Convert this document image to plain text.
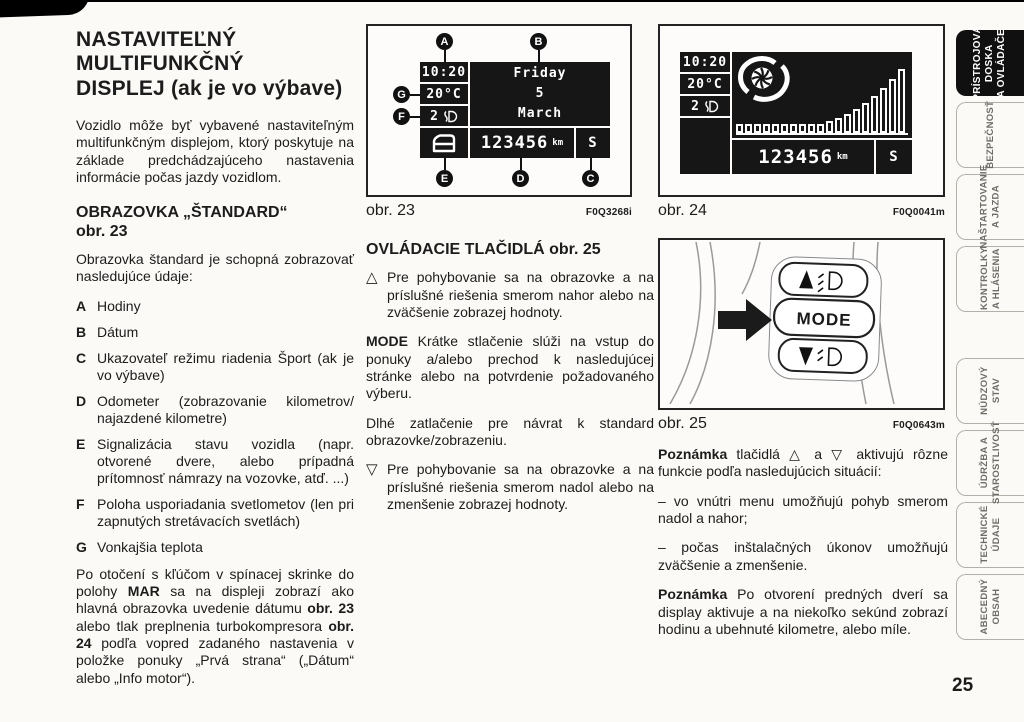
NASTAVITEĽNÝ
MULTIFUNKČNÝ
DISPLEJ (ak je vo výbave)

Vozidlo môže byť vybavené nastaviteľným multifunkčným displejom, ktorý poskytuje na základe predchádzajúceho nastavenia informácie počas jazdy vozidlom.

OBRAZOVKA „ŠTANDARD“
obr. 23

Obrazovka štandard je schopná zobrazovať nasledujúce údaje:

A Hodiny
B Dátum
C Ukazovateľ režimu riadenia Šport (ak je vo výbave)
D Odometer (zobrazovanie kilometrov/ najazdené kilometre)
E Signalizácia stavu vozidla (napr. otvorené dvere, alebo prípadná prítomnosť námrazy na vozovke, atď. ...)
F Poloha usporiadania svetlometov (len pri zapnutých stretávacích svetlách)
G Vonkajšia teplota

Po otočení s kľúčom v spínacej skrinke do polohy MAR sa na displeji zobrazí ako hlavná obrazovka uvedenie dátumu obr. 23 alebo tlak preplnenia turbokompresora obr. 24 podľa vopred zadaného nastavenia v položke ponuky „Prvá strana“ („Dátum“ alebo „Info motor“).

10:20
20°C
2
Friday
5
March
123456 km S
A	B
G
F
E	D	C
obr. 23	F0Q3268i
OVLÁDACIE TLAČIDLÁ obr. 25

△ Pre pohybovanie sa na obrazovke a na príslušné riešenia smerom nahor alebo na zväčšenie zobrazej hodnoty.

MODE Krátke stlačenie slúži na vstup do ponuky a/alebo prechod k nasledujúcej stránke alebo na potvrdenie požadovaného výberu.

Dlhé zatlačenie pre návrat k standard obrazovke/zobrazeniu.

▽ Pre pohybovanie sa na obrazovke a na príslušné riešenia smerom nadol alebo na zmenšenie zobrazej hodnoty.

10:20
20°C
2
123456 km	S
obr. 24	F0Q0041m
MODE
obr. 25	F0Q0643m

Poznámka tlačidlá △ a ▽ aktivujú rôzne funkcie podľa nasledujúcich situácií:

– vo vnútri menu umožňujú pohyb smerom nadol a nahor;

– počas inštalačných úkonov umožňujú zväčšenie a zmenšenie.

Poznámka Po otvorení predných dverí sa display aktivuje a na niekoľko sekúnd zobrazí hodinu a ubehnuté kilometre, alebo míle.

PRÍSTROJOVÁ DOSKA A OVLÁDAČE
BEZPEČNOSŤ
NAŠTARTOVANIE A JAZDA
KONTROLKY A HLÁSENIA
NÚDZOVÝ STAV
ÚDRŽBA A STAROSTLIVOSŤ
TECHNICKÉ ÚDAJE
ABECEDNÝ OBSAH
25
